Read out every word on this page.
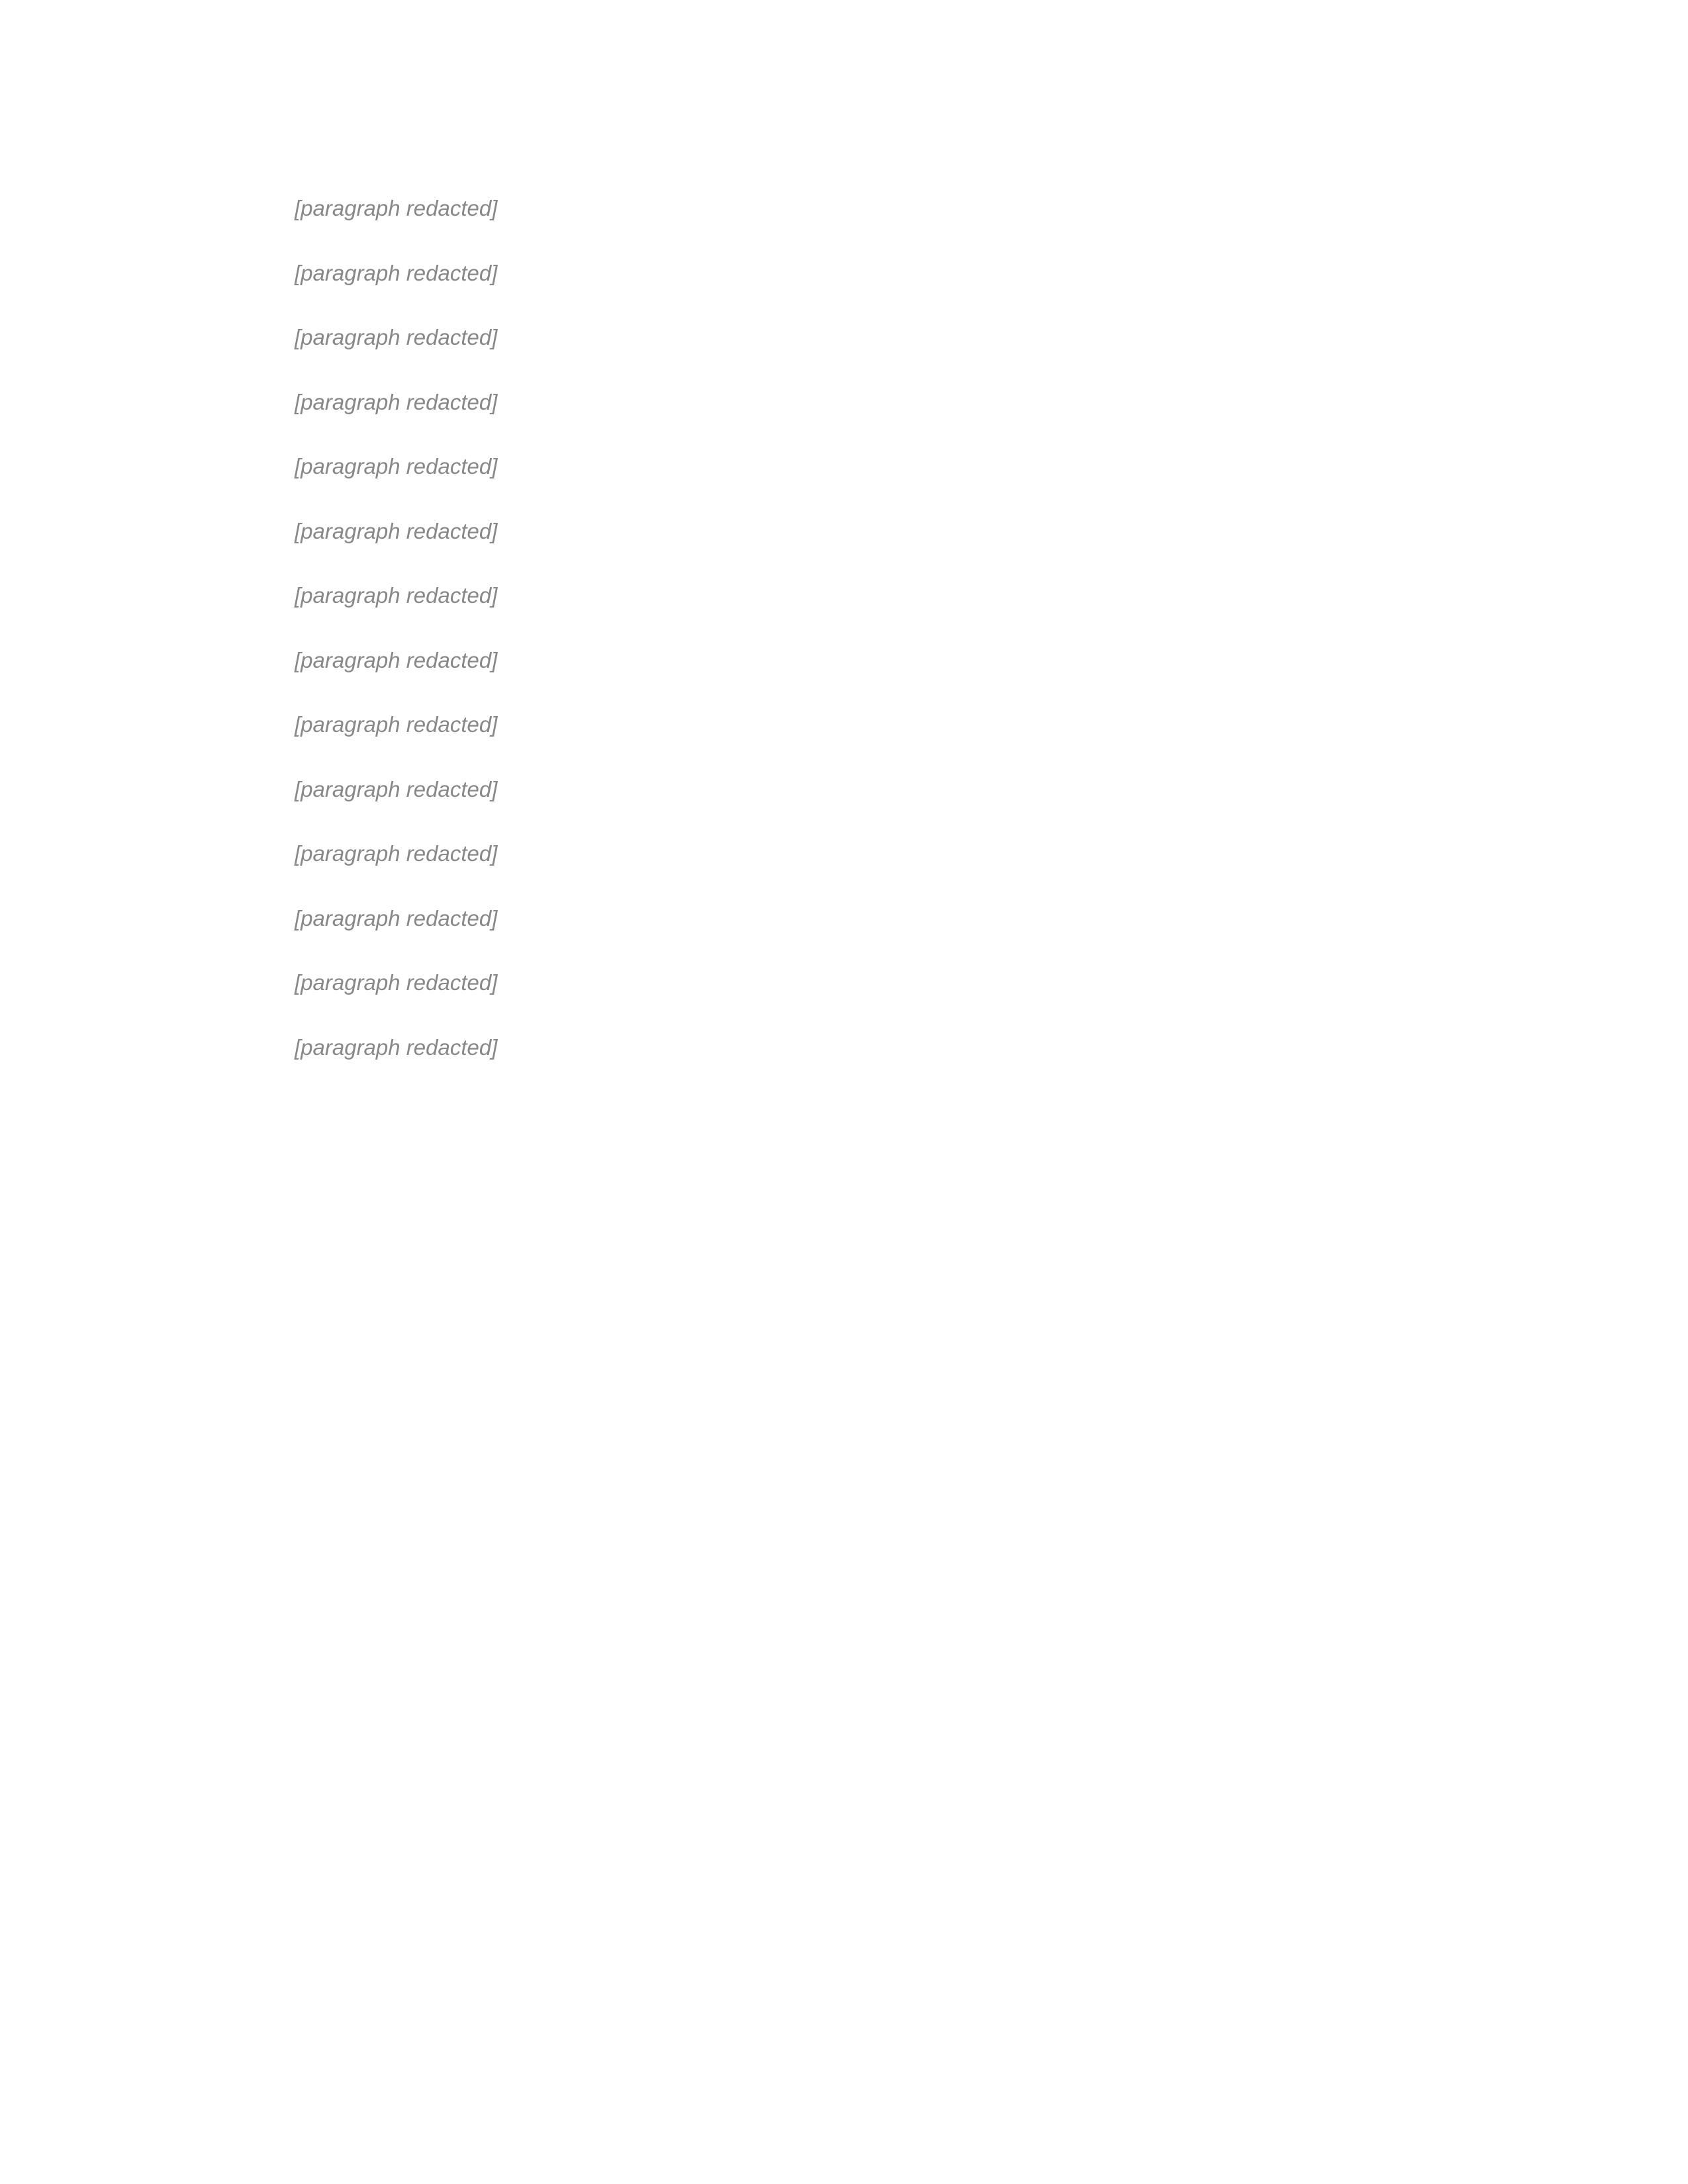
[paragraph redacted]

[paragraph redacted]

[paragraph redacted]

[paragraph redacted]

[paragraph redacted]

[paragraph redacted]

[paragraph redacted]

[paragraph redacted]

[paragraph redacted]

[paragraph redacted]

[paragraph redacted]

[paragraph redacted]

[paragraph redacted]

[paragraph redacted]
